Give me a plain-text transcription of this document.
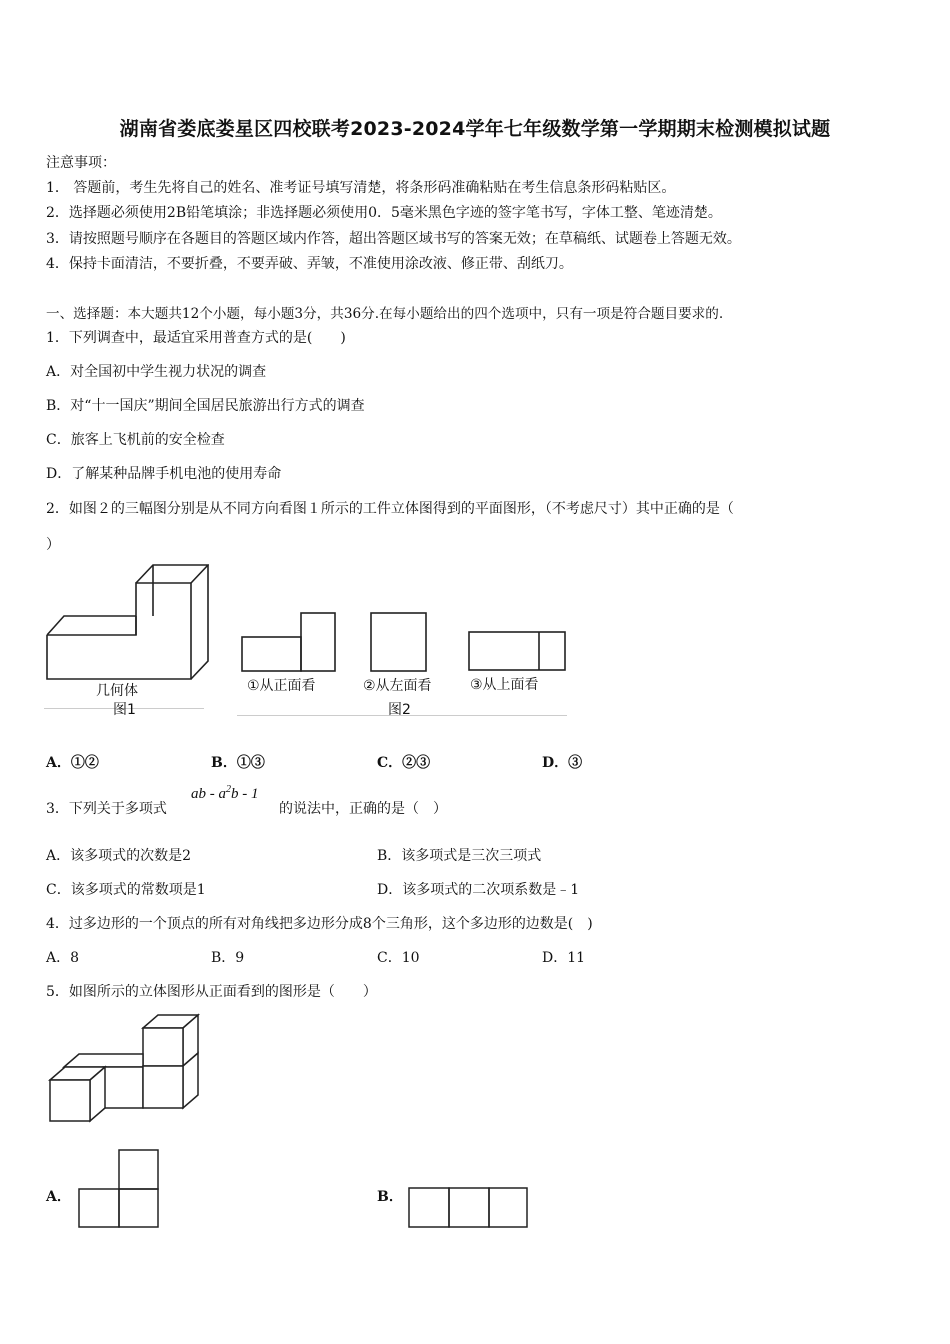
湖南省娄底娄星区四校联考2023-2024学年七年级数学第一学期期末检测模拟试题
注意事项：
1． 答题前，考生先将自己的姓名、准考证号填写清楚，将条形码准确粘贴在考生信息条形码粘贴区。
2．选择题必须使用2B铅笔填涂；非选择题必须使用0．5毫米黑色字迹的签字笔书写，字体工整、笔迹清楚。
3．请按照题号顺序在各题目的答题区域内作答，超出答题区域书写的答案无效；在草稿纸、试题卷上答题无效。
4．保持卡面清洁，不要折叠，不要弄破、弄皱，不准使用涂改液、修正带、刮纸刀。
一、选择题：本大题共12个小题，每小题3分，共36分.在每小题给出的四个选项中，只有一项是符合题目要求的.
1．下列调查中，最适宜采用普查方式的是(　　)
A．对全国初中学生视力状况的调查
B．对“十一国庆”期间全国居民旅游出行方式的调查
C．旅客上飞机前的安全检查
D．了解某种品牌手机电池的使用寿命
2．如图２的三幅图分别是从不同方向看图１所示的工件立体图得到的平面图形，（不考虑尺寸）其中正确的是（
）
几何体
图1
①从正面看	②从左面看	③从上面看
图2
A．①②	B．①③	C．②③	D．③
3．下列关于多项式
ab - $a^2b - 1$
的说法中，正确的是（　）
A．该多项式的次数是2	B．该多项式是三次三项式
C．该多项式的常数项是1	D．该多项式的二次项系数是﹣1
4．过多边形的一个顶点的所有对角线把多边形分成8个三角形，这个多边形的边数是(　)
A．8	B．9	C．10	D．11
5．如图所示的立体图形从正面看到的图形是（　　）
A．	B．
